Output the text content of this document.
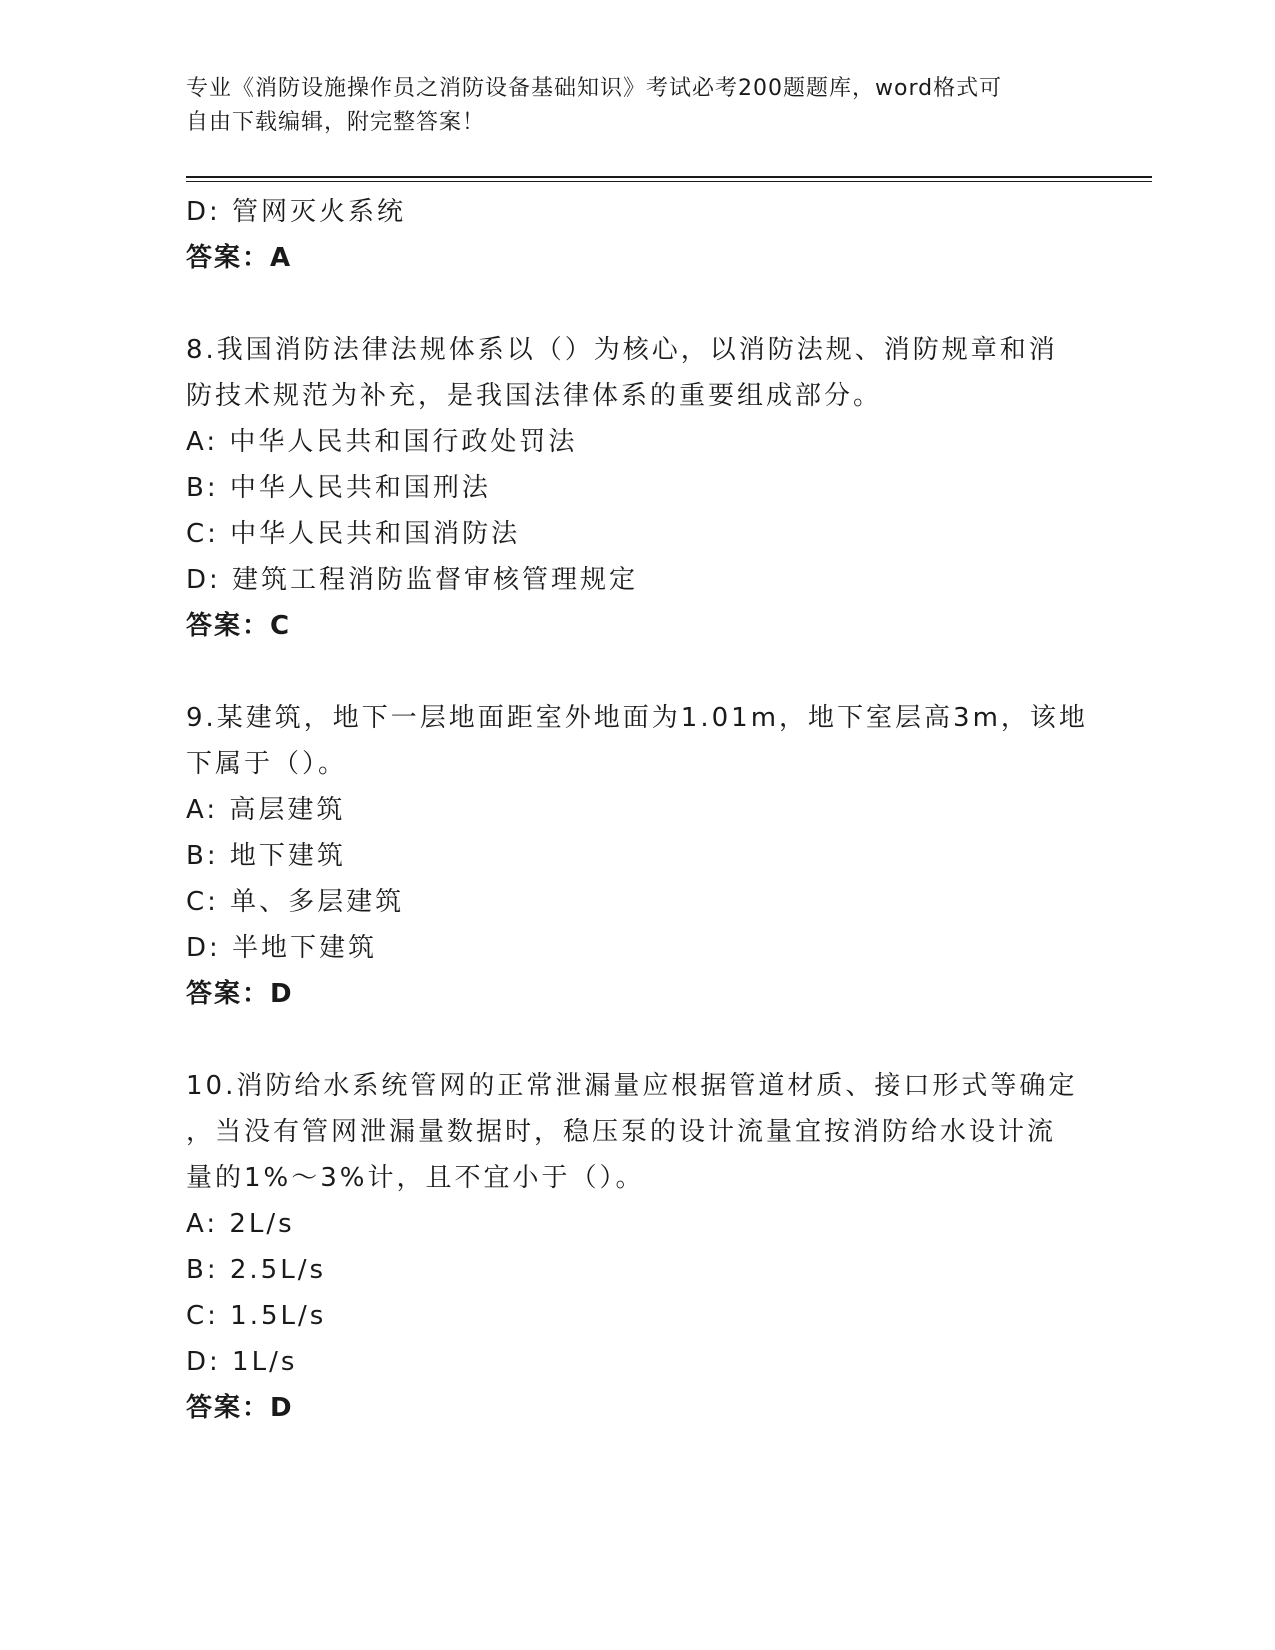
专业《消防设施操作员之消防设备基础知识》考试必考200题题库，word格式可
自由下载编辑，附完整答案！
D: 管网灭火系统
答案：A
8.我国消防法律法规体系以（）为核心，以消防法规、消防规章和消
防技术规范为补充，是我国法律体系的重要组成部分。
A: 中华人民共和国行政处罚法
B: 中华人民共和国刑法
C: 中华人民共和国消防法
D: 建筑工程消防监督审核管理规定
答案：C
9.某建筑，地下一层地面距室外地面为1.01m，地下室层高3m，该地
下属于（）。
A: 高层建筑
B: 地下建筑
C: 单、多层建筑
D: 半地下建筑
答案：D
10.消防给水系统管网的正常泄漏量应根据管道材质、接口形式等确定
，当没有管网泄漏量数据时，稳压泵的设计流量宜按消防给水设计流
量的1%～3%计，且不宜小于（）。
A: 2L/s
B: 2.5L/s
C: 1.5L/s
D: 1L/s
答案：D
